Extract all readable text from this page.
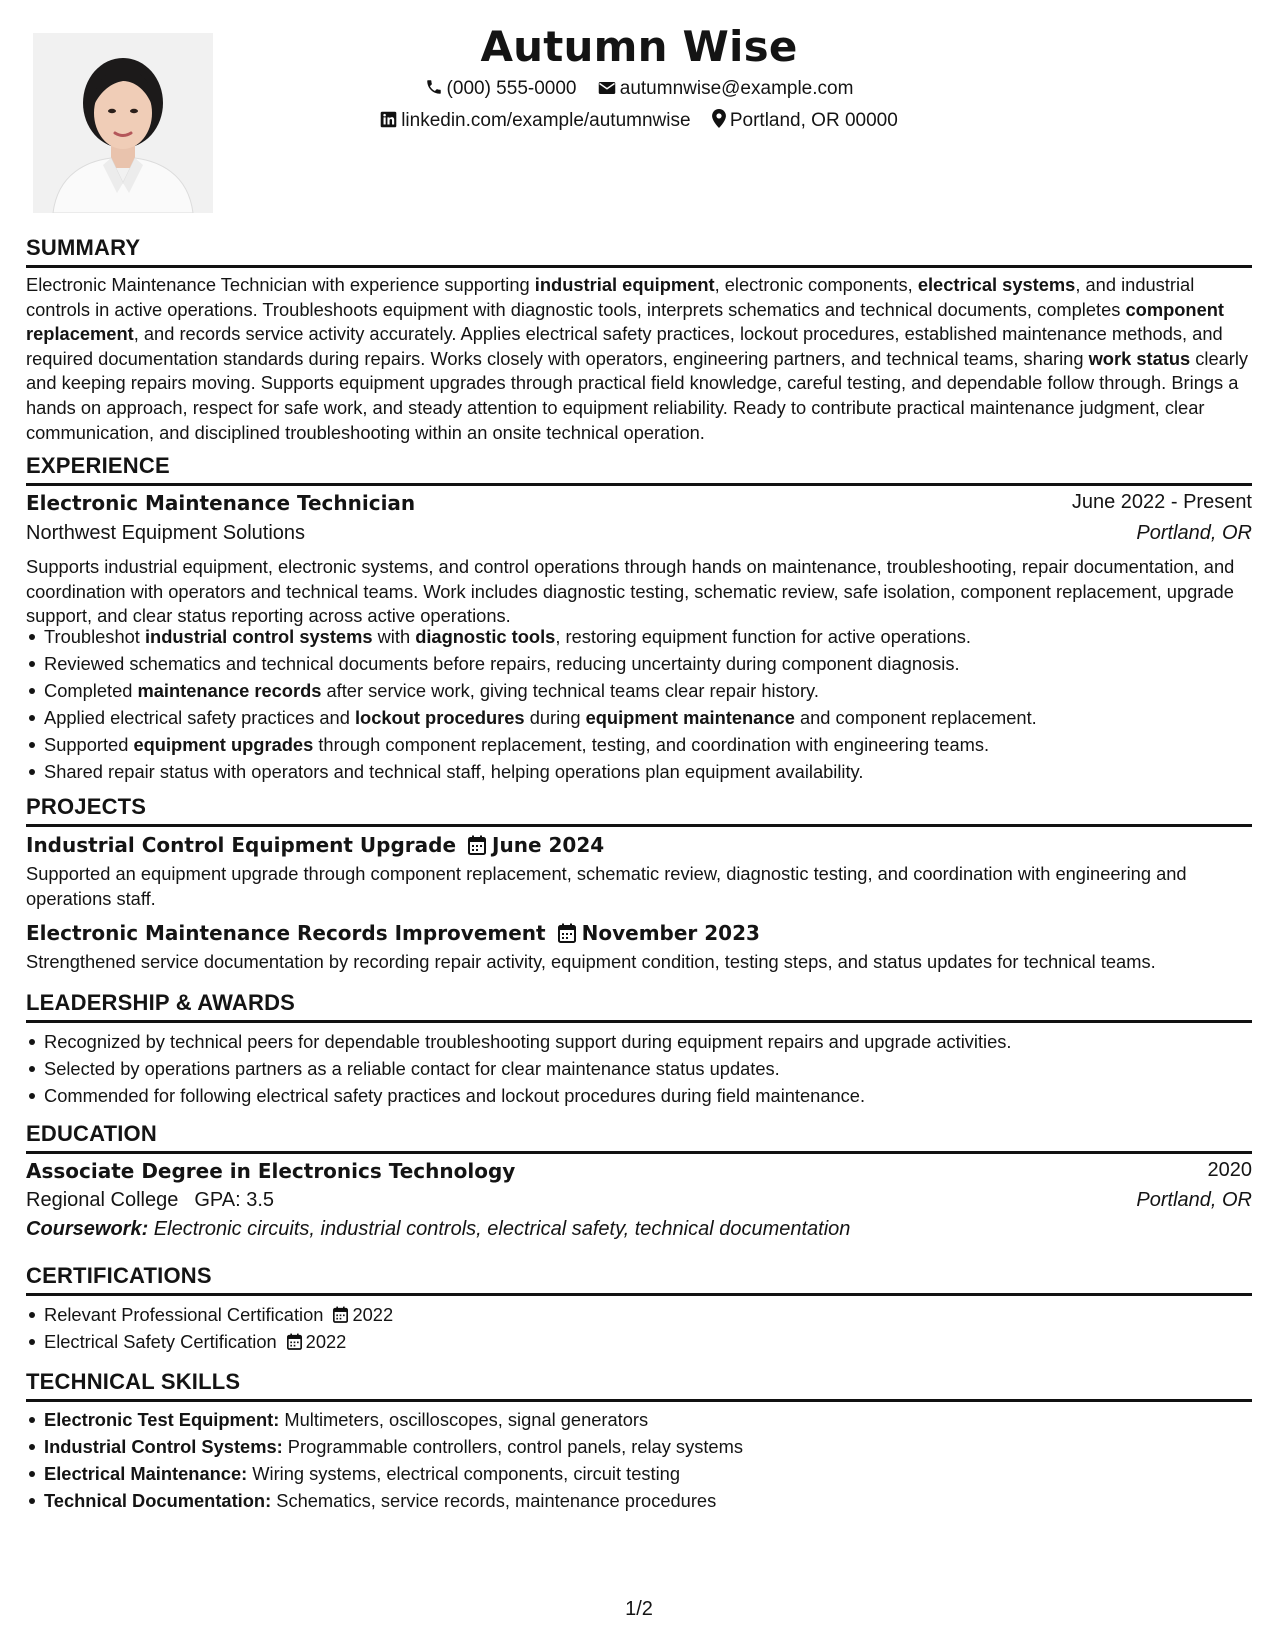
Autumn Wise
(000) 555-0000 autumnwise@example.com
linkedin.com/example/autumnwise Portland, OR 00000
SUMMARY
Electronic Maintenance Technician with experience supporting industrial equipment, electronic components, electrical systems, and industrial controls in active operations. Troubleshoots equipment with diagnostic tools, interprets schematics and technical documents, completes component replacement, and records service activity accurately. Applies electrical safety practices, lockout procedures, established maintenance methods, and required documentation standards during repairs. Works closely with operators, engineering partners, and technical teams, sharing work status clearly and keeping repairs moving. Supports equipment upgrades through practical field knowledge, careful testing, and dependable follow through. Brings a hands on approach, respect for safe work, and steady attention to equipment reliability. Ready to contribute practical maintenance judgment, clear communication, and disciplined troubleshooting within an onsite technical operation.
EXPERIENCE
Electronic Maintenance Technician	June 2022 - Present
Northwest Equipment Solutions	Portland, OR
Supports industrial equipment, electronic systems, and control operations through hands on maintenance, troubleshooting, repair documentation, and coordination with operators and technical teams. Work includes diagnostic testing, schematic review, safe isolation, component replacement, upgrade support, and clear status reporting across active operations.
Troubleshot industrial control systems with diagnostic tools, restoring equipment function for active operations.
Reviewed schematics and technical documents before repairs, reducing uncertainty during component diagnosis.
Completed maintenance records after service work, giving technical teams clear repair history.
Applied electrical safety practices and lockout procedures during equipment maintenance and component replacement.
Supported equipment upgrades through component replacement, testing, and coordination with engineering teams.
Shared repair status with operators and technical staff, helping operations plan equipment availability.
PROJECTS
Industrial Control Equipment Upgrade June 2024
Supported an equipment upgrade through component replacement, schematic review, diagnostic testing, and coordination with engineering and operations staff.
Electronic Maintenance Records Improvement November 2023
Strengthened service documentation by recording repair activity, equipment condition, testing steps, and status updates for technical teams.
LEADERSHIP & AWARDS
Recognized by technical peers for dependable troubleshooting support during equipment repairs and upgrade activities.
Selected by operations partners as a reliable contact for clear maintenance status updates.
Commended for following electrical safety practices and lockout procedures during field maintenance.
EDUCATION
Associate Degree in Electronics Technology	2020
Regional College GPA: 3.5	Portland, OR
Coursework: Electronic circuits, industrial controls, electrical safety, technical documentation
CERTIFICATIONS
Relevant Professional Certification 2022
Electrical Safety Certification 2022
TECHNICAL SKILLS
Electronic Test Equipment: Multimeters, oscilloscopes, signal generators
Industrial Control Systems: Programmable controllers, control panels, relay systems
Electrical Maintenance: Wiring systems, electrical components, circuit testing
Technical Documentation: Schematics, service records, maintenance procedures
1/2
